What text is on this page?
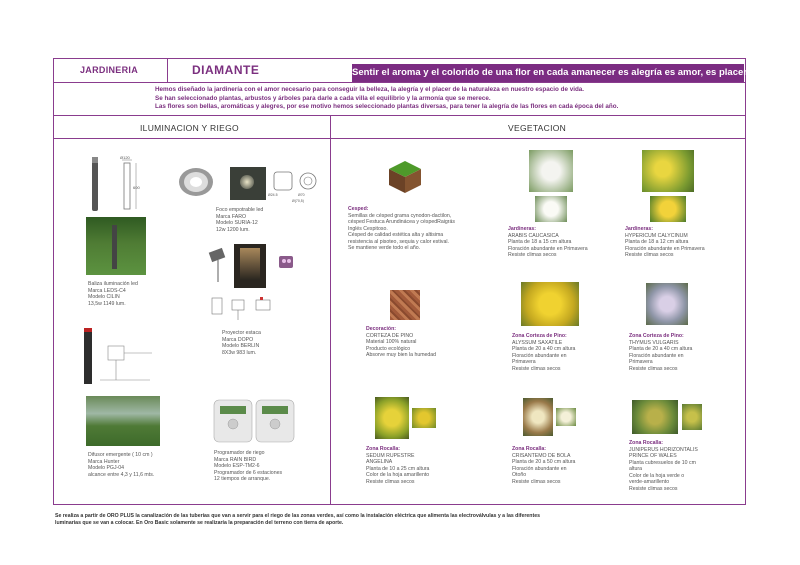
JARDINERIA	DIAMANTE	Sentir el aroma y el colorido de una flor en cada amanecer es alegría es amor, es placer.
Hemos diseñado la jardinería con el amor necesario para conseguir la belleza, la alegría y el placer de la naturaleza en nuestro espacio de vida.
Se han seleccionado plantas, arbustos y árboles para darle a cada villa el equilibrio y la armonía que se merece.
Las flores son bellas, aromáticas y alegres, por ese motivo hemos seleccionado plantas diversas, para tener la alegría de las flores en cada época del año.
ILUMINACION Y RIEGO	VEGETACION
Ø120
600
Ø24.5	Ø70
Ø(70,5)
Foco empotrable led
Marca FARO
Modelo SURIA-12
12w 1200 lum.
Baliza iluminación led
Marca LEDS-C4
Modelo CILIN
13,5w 1149 lum.
Proyector estaca
Marca DOPO
Modelo BERLIN
8X3w 983 lum.
Difusor emergente ( 10 cm )
Marca Hunter
Modelo PGJ-04
alcance entre 4,3 y 11,6 mts.
Programador de riego
Marca RAIN BIRD
Modelo ESP-TM2-6
Programador de 6 estaciones
12 tiempos de arranque.
Cesped:
Semillas de césped grama cynodon-dactilon,
césped Festuca Arundinácea y céspedRaigrás
Inglés Cespitoso.
Césped de calidad estética alta y altisima
resistencia al pisoteo, sequia y calor estival.
Se mantiene verde todo el año.
Jardineras:
ARABIS CAUCASICA
Planta de 18 a 15 cm altura
Floración abundante en Primavera
Resiste climas secos
Jardineras:
HYPERICUM CALYCINUM
Planta de 18 a 12 cm altura
Floración abundante en Primavera
Resiste climas secos
Decoración:
CORTEZA DE PINO
Material 100% natural
Producto ecológico
Absorve muy bien la humedad
Zona Corteza de Pino:
ALYSSUM SAXATILE
Planta de 20 a 40 cm altura
Floración abundante en
Primavera
Resiste climas secos
Zona Corteza de Pino:
THYMUS VULGARIS
Planta de 20 a 40 cm altura
Floración abundante en
Primavera
Resiste climas secos
Zona Rocalla:
SEDUM RUPESTRE
ANGELINA
Planta de 10 a 25 cm altura
Color de la hoja amarillento
Resiste climas secos
Zona Rocalla:
CRISANTEMO DE BOLA
Planta de 20 a 50 cm altura
Floración abundante en
Otoño
Resiste climas secos
Zona Rocalla:
JUNIPERUS HORIZONTALIS
PRINCE OF WALES
Planta cubresuelos de 10 cm
altura
Color de la hoja verde o
verde-amarillento
Resiste climas secos
Se realiza a partir de ORO PLUS la canalización de las tuberías que van a servir para el riego de las zonas verdes, así como la instalación eléctrica que alimenta las electroválvulas y a las diferentes
luminarias que se van a colocar. En Oro Basic solamente se realizaría la preparación del terreno con tierra de aporte.
